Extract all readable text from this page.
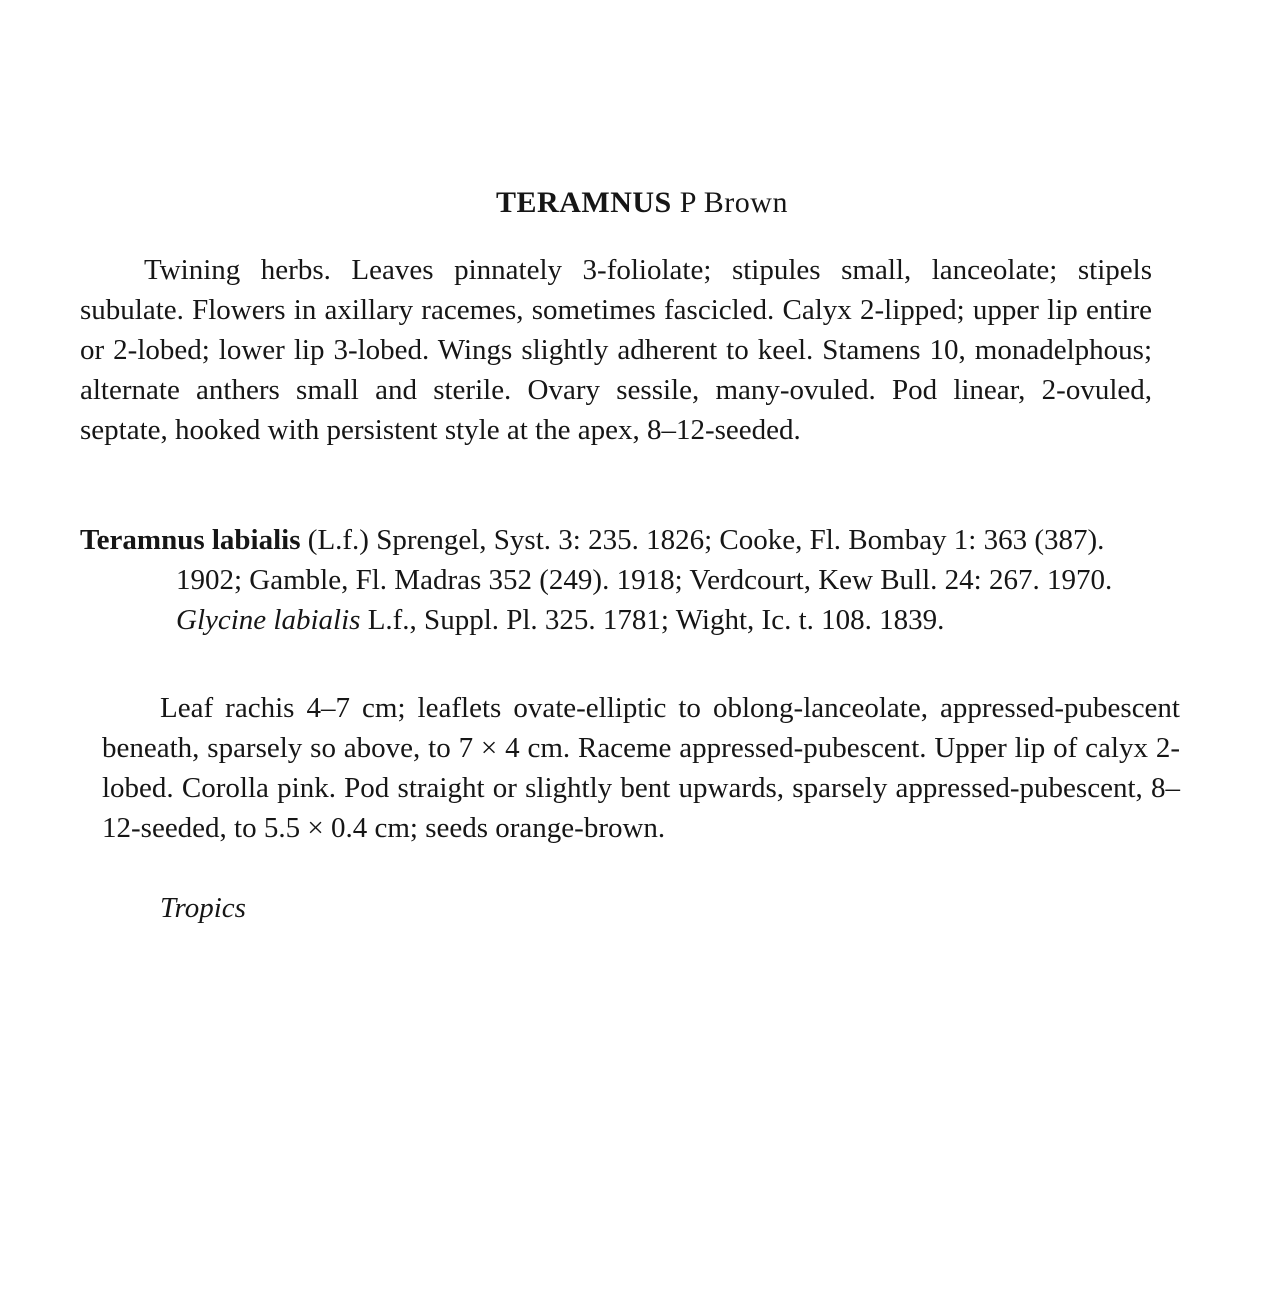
TERAMNUS P Brown

Twining herbs. Leaves pinnately 3-foliolate; stipules small, lanceolate; stipels subulate. Flowers in axillary racemes, sometimes fascicled. Calyx 2-lipped; upper lip entire or 2-lobed; lower lip 3-lobed. Wings slightly adherent to keel. Stamens 10, monadelphous; alternate anthers small and sterile. Ovary sessile, many-ovuled. Pod linear, 2-ovuled, septate, hooked with persistent style at the apex, 8–12-seeded.

Teramnus labialis (L.f.) Sprengel, Syst. 3: 235. 1826; Cooke, Fl. Bombay 1: 363 (387). 1902; Gamble, Fl. Madras 352 (249). 1918; Verdcourt, Kew Bull. 24: 267. 1970. Glycine labialis L.f., Suppl. Pl. 325. 1781; Wight, Ic. t. 108. 1839.

Leaf rachis 4–7 cm; leaflets ovate-elliptic to oblong-lanceolate, appressed-pubescent beneath, sparsely so above, to 7 × 4 cm. Raceme appressed-pubescent. Upper lip of calyx 2-lobed. Corolla pink. Pod straight or slightly bent upwards, sparsely appressed-pubescent, 8–12-seeded, to 5.5 × 0.4 cm; seeds orange-brown.

Tropics
